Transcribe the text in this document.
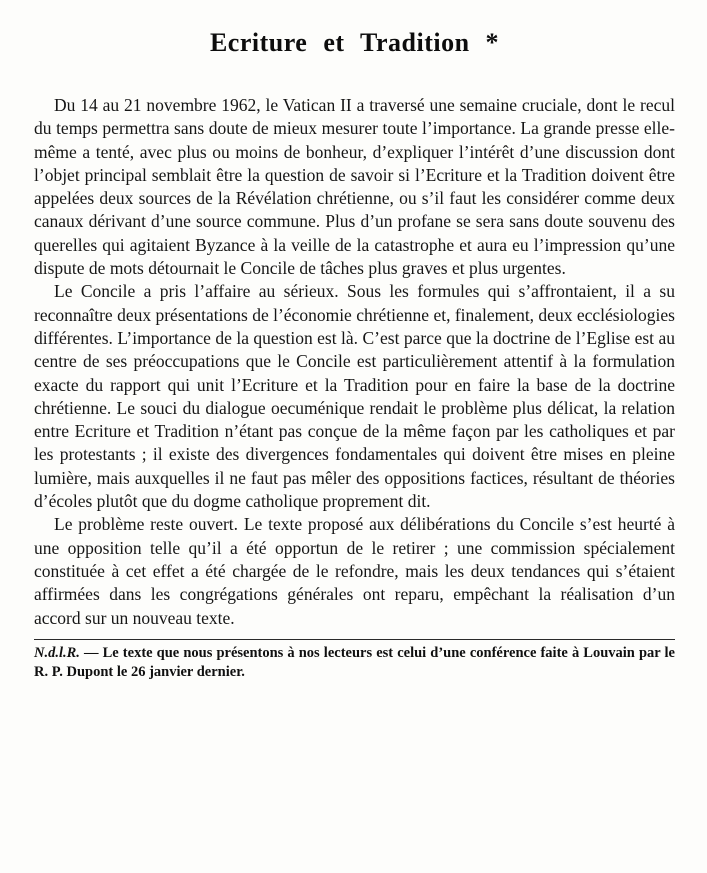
Ecriture et Tradition *

Du 14 au 21 novembre 1962, le Vatican II a traversé une semaine cruciale, dont le recul du temps permettra sans doute de mieux mesurer toute l’importance. La grande presse elle-même a tenté, avec plus ou moins de bonheur, d’expliquer l’intérêt d’une discussion dont l’objet principal semblait être la question de savoir si l’Ecriture et la Tradition doivent être appelées deux sources de la Révélation chrétienne, ou s’il faut les considérer comme deux canaux dérivant d’une source commune. Plus d’un profane se sera sans doute souvenu des querelles qui agitaient Byzance à la veille de la catastrophe et aura eu l’impression qu’une dispute de mots détournait le Concile de tâches plus graves et plus urgentes.

Le Concile a pris l’affaire au sérieux. Sous les formules qui s’affrontaient, il a su reconnaître deux présentations de l’économie chrétienne et, finalement, deux ecclésiologies différentes. L’importance de la question est là. C’est parce que la doctrine de l’Eglise est au centre de ses préoccupations que le Concile est particulièrement attentif à la formulation exacte du rapport qui unit l’Ecriture et la Tradition pour en faire la base de la doctrine chrétienne. Le souci du dialogue oecuménique rendait le problème plus délicat, la relation entre Ecriture et Tradition n’étant pas conçue de la même façon par les catholiques et par les protestants ; il existe des divergences fondamentales qui doivent être mises en pleine lumière, mais auxquelles il ne faut pas mêler des oppositions factices, résultant de théories d’écoles plutôt que du dogme catholique proprement dit.

Le problème reste ouvert. Le texte proposé aux délibérations du Concile s’est heurté à une opposition telle qu’il a été opportun de le retirer ; une commission spécialement constituée à cet effet a été chargée de le refondre, mais les deux tendances qui s’étaient affirmées dans les congrégations générales ont reparu, empêchant la réalisation d’un accord sur un nouveau texte.

N.d.l.R. — Le texte que nous présentons à nos lecteurs est celui d’une conférence faite à Louvain par le R. P. Dupont le 26 janvier dernier.
